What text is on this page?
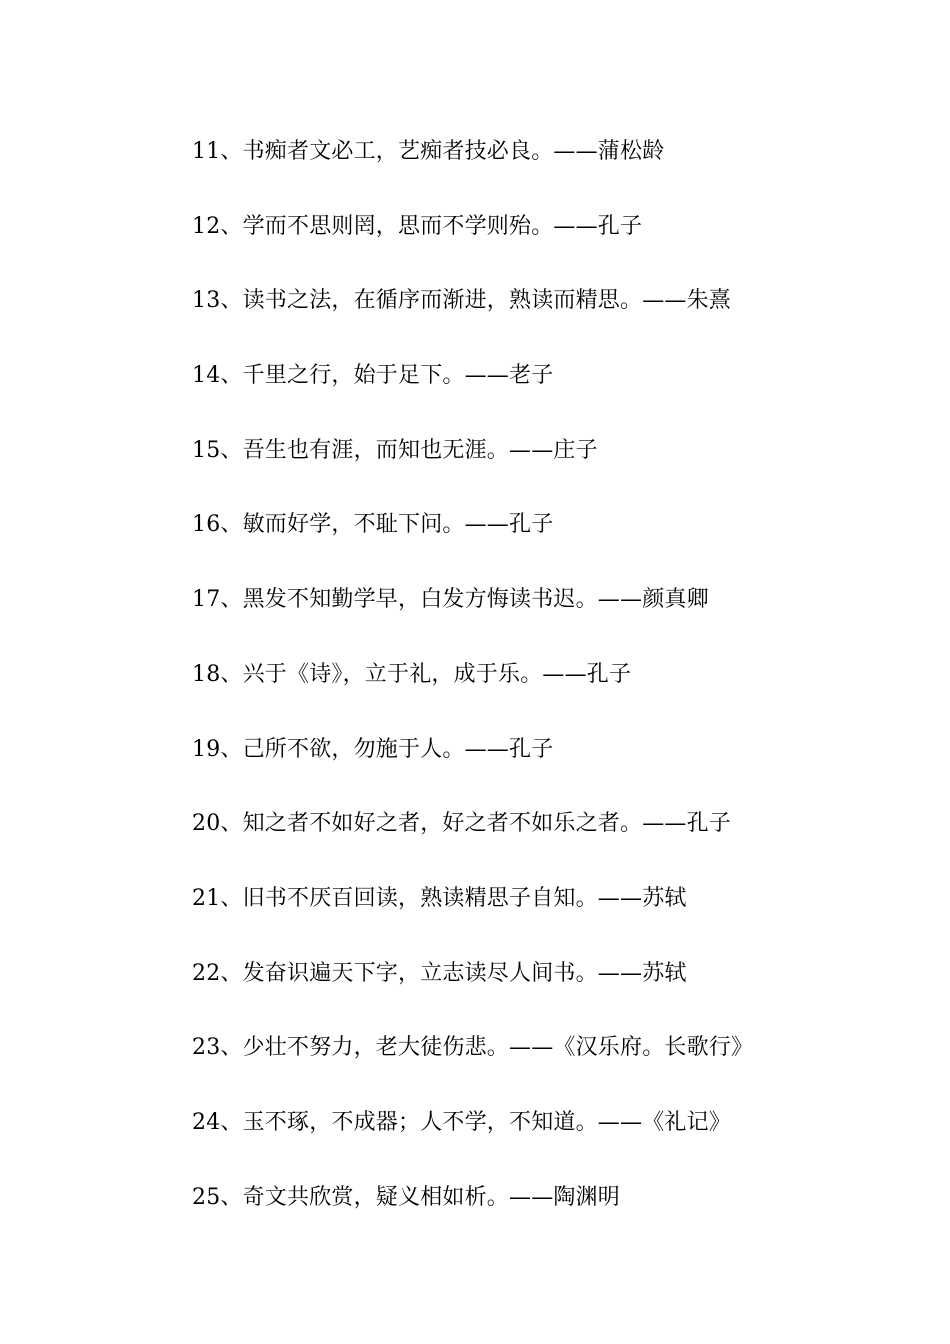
11、书痴者文必工，艺痴者技必良。——蒲松龄
12、学而不思则罔，思而不学则殆。——孔子
13、读书之法，在循序而渐进，熟读而精思。——朱熹
14、千里之行，始于足下。——老子
15、吾生也有涯，而知也无涯。——庄子
16、敏而好学，不耻下问。——孔子
17、黑发不知勤学早，白发方悔读书迟。——颜真卿
18、兴于《诗》，立于礼，成于乐。——孔子
19、己所不欲，勿施于人。——孔子
20、知之者不如好之者，好之者不如乐之者。——孔子
21、旧书不厌百回读，熟读精思子自知。——苏轼
22、发奋识遍天下字，立志读尽人间书。——苏轼
23、少壮不努力，老大徒伤悲。——《汉乐府。长歌行》
24、玉不琢，不成器；人不学，不知道。——《礼记》
25、奇文共欣赏，疑义相如析。——陶渊明
